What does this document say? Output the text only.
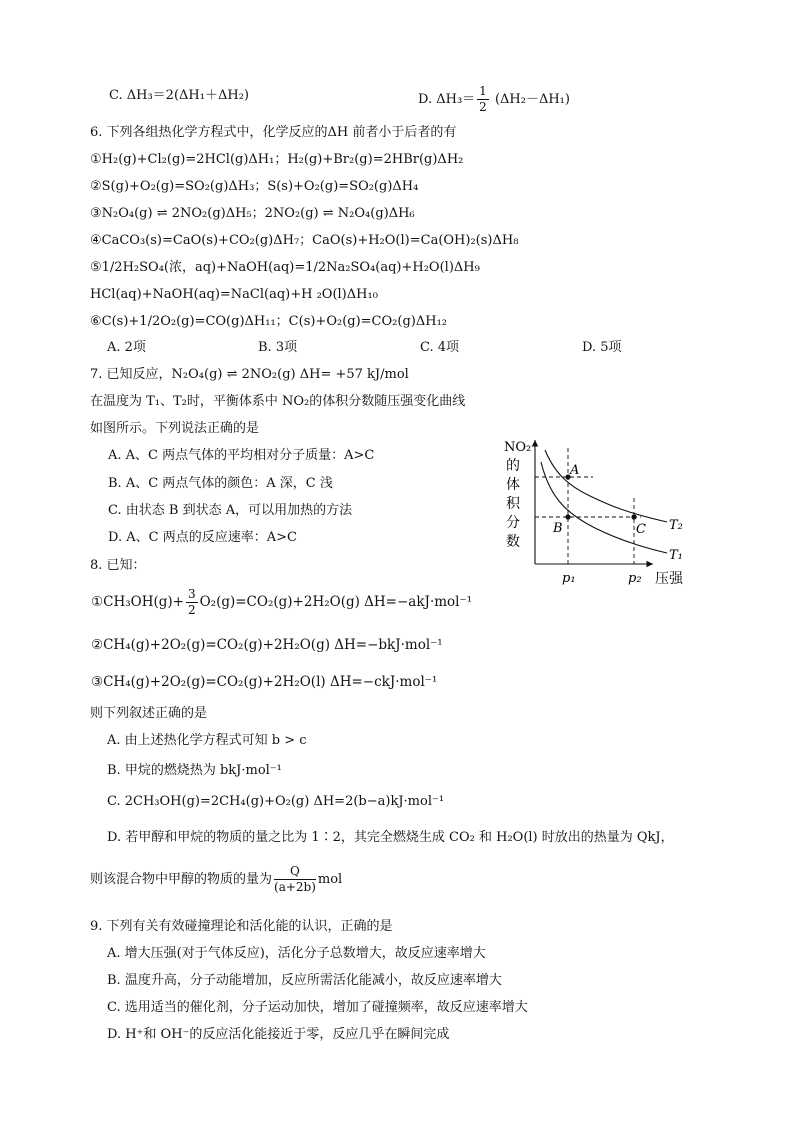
C. ΔH₃＝2(ΔH₁＋ΔH₂)	D. $\Delta H_3= \frac{1}{2} (\Delta H_2-\Delta H_1)$
6. 下列各组热化学方程式中，化学反应的ΔH 前者小于后者的有
①H₂(g)+Cl₂(g)=2HCl(g)ΔH₁；H₂(g)+Br₂(g)=2HBr(g)ΔH₂
②S(g)+O₂(g)=SO₂(g)ΔH₃；S(s)+O₂(g)=SO₂(g)ΔH₄
③N₂O₄(g) ⇌ 2NO₂(g)ΔH₅；2NO₂(g) ⇌ N₂O₄(g)ΔH₆
④CaCO₃(s)=CaO(s)+CO₂(g)ΔH₇；CaO(s)+H₂O(l)=Ca(OH)₂(s)ΔH₈
⑤1/2H₂SO₄(浓，aq)+NaOH(aq)=1/2Na₂SO₄(aq)+H₂O(l)ΔH₉
HCl(aq)+NaOH(aq)=NaCl(aq)+H ₂O(l)ΔH₁₀
⑥C(s)+1/2O₂(g)=CO(g)ΔH₁₁；C(s)+O₂(g)=CO₂(g)ΔH₁₂
A. 2项	B. 3项	C. 4项	D. 5项
7. 已知反应，N₂O₄(g) ⇌ 2NO₂(g) ΔH= +57 kJ/mol
在温度为 T₁、T₂时，平衡体系中 NO₂的体积分数随压强变化曲线
如图所示。下列说法正确的是
A. A、C 两点气体的平均相对分子质量：A>C
B. A、C 两点气体的颜色：A 深，C 浅
C. 由状态 B 到状态 A，可以用加热的方法
D. A、C 两点的反应速率：A>C
NO₂
的
体
积
分
数
A
B	C T₂
T₁
p₁	p₂ 压强
8. 已知：
①CH₃OH(g)+ $\frac{3}{2} O_2(g)=CO_2(g)+2H_2O(g)$ ΔH=−akJ·mol⁻¹
②CH₄(g)+2O₂(g)=CO₂(g)+2H₂O(g) ΔH=−bkJ·mol⁻¹
③CH₄(g)+2O₂(g)=CO₂(g)+2H₂O(l) ΔH=−ckJ·mol⁻¹
则下列叙述正确的是
A. 由上述热化学方程式可知 b > c
B. 甲烷的燃烧热为 bkJ·mol⁻¹
C. 2CH₃OH(g)=2CH₄(g)+O₂(g) ΔH=2(b−a)kJ·mol⁻¹
D. 若甲醇和甲烷的物质的量之比为 1∶2，其完全燃烧生成 CO₂ 和 H₂O(l) 时放出的热量为 QkJ，
则该混合物中甲醇的物质的量为 $\frac{Q}{(a+2b)}$ mol
9. 下列有关有效碰撞理论和活化能的认识，正确的是
A. 增大压强(对于气体反应)，活化分子总数增大，故反应速率增大
B. 温度升高，分子动能增加，反应所需活化能减小，故反应速率增大
C. 选用适当的催化剂，分子运动加快，增加了碰撞频率，故反应速率增大
D. H⁺和 OH⁻的反应活化能接近于零，反应几乎在瞬间完成
